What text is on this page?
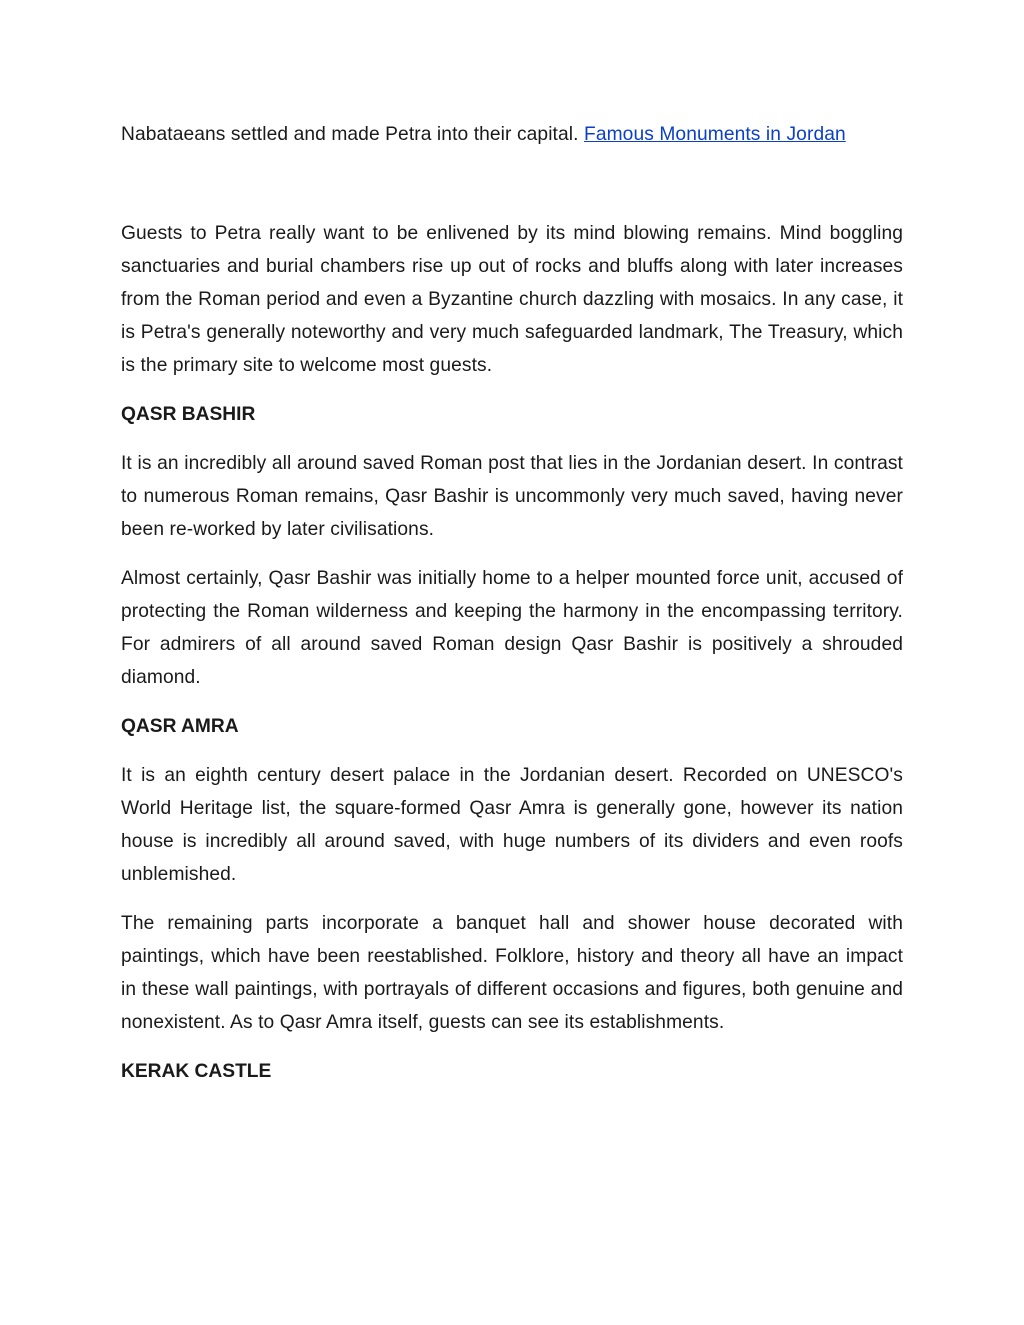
Nabataeans settled and made Petra into their capital. Famous Monuments in Jordan

Guests to Petra really want to be enlivened by its mind blowing remains. Mind boggling sanctuaries and burial chambers rise up out of rocks and bluffs along with later increases from the Roman period and even a Byzantine church dazzling with mosaics. In any case, it is Petra's generally noteworthy and very much safeguarded landmark, The Treasury, which is the primary site to welcome most guests.

QASR BASHIR

It is an incredibly all around saved Roman post that lies in the Jordanian desert. In contrast to numerous Roman remains, Qasr Bashir is uncommonly very much saved, having never been re-worked by later civilisations.

Almost certainly, Qasr Bashir was initially home to a helper mounted force unit, accused of protecting the Roman wilderness and keeping the harmony in the encompassing territory. For admirers of all around saved Roman design Qasr Bashir is positively a shrouded diamond.

QASR AMRA

It is an eighth century desert palace in the Jordanian desert. Recorded on UNESCO's World Heritage list, the square-formed Qasr Amra is generally gone, however its nation house is incredibly all around saved, with huge numbers of its dividers and even roofs unblemished.

The remaining parts incorporate a banquet hall and shower house decorated with paintings, which have been reestablished. Folklore, history and theory all have an impact in these wall paintings, with portrayals of different occasions and figures, both genuine and nonexistent. As to Qasr Amra itself, guests can see its establishments.

KERAK CASTLE
